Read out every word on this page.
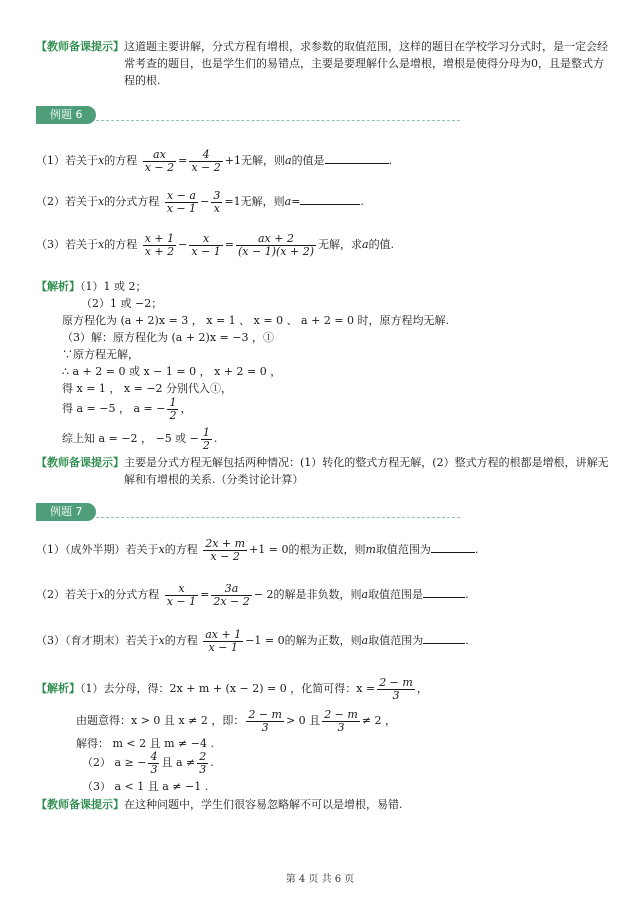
【教师备课提示】这道题主要讲解，分式方程有增根，求参数的取值范围，这样的题目在学校学习分式时，是一定会经
常考查的题目，也是学生们的易错点，主要是要理解什么是增根，增根是使得分母为0，且是整式方
程的根.
例题 6
（1）若关于x的方程 $\frac{ax}{x - 2} = \frac{4}{x - 2} +1$无解，则a的值是	.
（2）若关于x的分式方程 $\frac{x - a}{x - 1} - \frac{3}{x} =1$无解，则a=	.
（3）若关于x的方程 $\frac{x + 1}{x + 2} - \frac{x}{x - 1} = \frac{ax + 2}{(x - 1)(x + 2)}$ 无解，求a的值.
【解析】（1）1 或 2；
（2）1 或 −2；
原方程化为 (a + 2)x = 3 ， x = 1 、 x = 0 、 a + 2 = 0 时，原方程均无解.
（3）解：原方程化为 (a + 2)x = −3 ，①
∵原方程无解，
∴ a + 2 = 0 或 x − 1 = 0 ， x + 2 = 0 ，
得 x = 1 ， x = −2 分别代入①，
得 a = −5 ， a = − $\frac{1}{2}$ ，
综上知 a = −2 ， −5 或 − $\frac{1}{2}$ .
【教师备课提示】主要是分式方程无解包括两种情况：(1）转化的整式方程无解，(2）整式方程的根都是增根，讲解无
解和有增根的关系.（分类讨论计算）
例题 7
（1）（成外半期）若关于x的方程 $\frac{2x + m}{x - 2} +1 = 0$的根为正数，则m取值范围为	.
（2）若关于x的分式方程 $\frac{x}{x - 1} = \frac{3a}{2x - 2} - 2$的解是非负数，则a取值范围是	.
（3）（育才期末）若关于x的方程 $\frac{ax + 1}{x - 1} -1 = 0$的解为正数，则a取值范围为	.
【解析】（1）去分母，得：2x + m + (x − 2) = 0 ，化简可得：$x = \frac{2 - m}{3}$ ，
由题意得：x > 0 且 x ≠ 2 ，即： $\frac{2 - m}{3} > 0$ 且 $\frac{2 - m}{3} \ne 2$ ，
解得： m < 2 且 m ≠ −4 .
（2） a ≥ − $\frac{4}{3}$ 且 $a \ne \frac{2}{3}$ .
（3） a < 1 且 a ≠ −1 .
【教师备课提示】在这种问题中，学生们很容易忽略解不可以是增根，易错.
第 4 页 共 6 页
